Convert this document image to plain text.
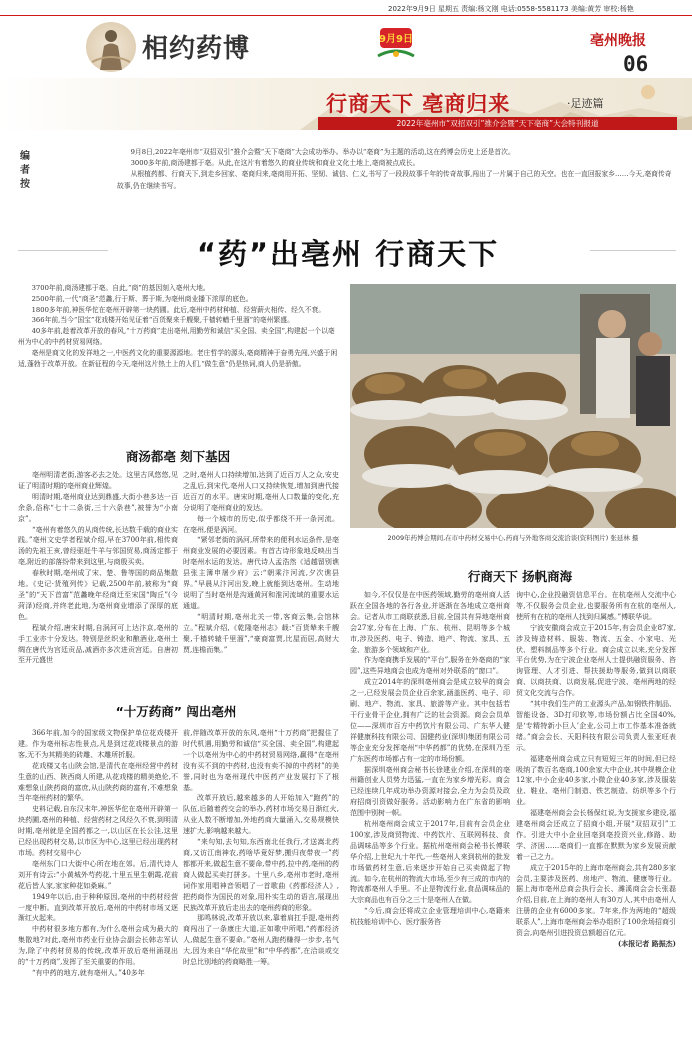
2022年9月9日 星期五 责编:杨文刚 电话:0558-5581173 美编:黄芳 审校:杨艳
相约药博	9月9日	亳州晚报
06
行商天下 亳商归来	·足迹篇
2022年亳州市“双招双引”推介会暨“天下亳商”大会特刊报道
编者按

9月8日,2022年亳州市“双招双引”推介会暨“天下亳商”大会成功举办。举办以“亳商”为主题的活动,这在药博会历史上还是首次。

3000多年前,商汤建都于亳。从此,在这片有着悠久的商业传统和商业文化土地上,亳商被点成长。

从根植药都、行商天下,到走乡回家、亳商归来,亳商用开拓、坚韧、诚信、仁义,书写了一段段故事千年的传奇故事,闯出了一片属于自己的天空。也在一直回报家乡……今天,亳商传奇故事,仍在继续书写。

“药”出亳州 行商天下

3700年前,商汤建都于亳。自此,“商”的基因刻入亳州大地。

2500年前,一代“商圣”范蠡,行于斯、葬于斯,为亳州商业播下浓厚的底色。

1800多年前,神医华佗在亳州开辟第一块药圃。此后,亳州中药材种植、经营薪火相传、经久不衰。

366年前,当今“国宝”花戏楼开始见证着“百货聚来千艘聚,千樯转輶千里溜”的亳州繁盛。

40多年前,趁着改革开放的春风,“十万药商”走出亳州,用勤劳和诚信“买全国、卖全国”,构建起一个以亳州为中心的中药材贸易网络。

亳州是商文化的发祥地之一,中医药文化的重要源源地。老庄哲学的源头,亳商精神于奋勇先闯,兴盛于闲适,蓬勃于改革开放。在新征程的今天,亳州这片热土上的人们,“做生意”仍是热词,商人仍是骄傲。

2009年药博会期间,在市中药材交易中心,药商与外地客商交流洽谈(资料图片) 张延林 摄
商汤都亳 刻下基因

亳州明清老街,游客必去之处。这里古风悠悠,见证了明清时期的亳州商业辉煌。

明清时期,亳州商业达到鼎盛,大街小巷多达一百余条,俗称“七十二条街,三十六条巷”,被誉为“小南京”。

“亳州有着悠久的从商传统,长达数千载的商业实践。”亳州文史学者程斌介绍,早在3700年前,相传商汤的先祖王亥,曾经驱赶牛羊与邻国贸易,商汤定都于亳,附近的部落纷带来到这里,与商殷买卖。

春秋时期,亳州成了宋、楚、鲁等国的商品集散地。《史记·货殖列传》记载,2500年前,被称为“商圣”的“天下首富”范蠡晚年经商迁至宋国“陶丘”(今菏泽)经商,并终老此地,为亳州商业增添了深厚的底色。

程斌介绍,唐宋时期,自涡河可上达汴京,亳州的手工业亦十分发达。特别是丝织业和酿酒业,亳州土绸在唐代为宫廷贡品,减酒亦多次进贡宫廷。自唐初至开元盛世

之时,亳州人口持续增加,达到了近百万人之众,安史之乱后,到宋代,亳州人口又持续恢复,增加到唐代接近百万的水平。唐宋时期,亳州人口数量的变化,充分说明了亳州商业的发达。

每一个城市的历史,似乎都绕不开一条河流。在亳州,便是涡河。

“紧邻老街的涡河,所带来的便利水运条件,是亳州商业发展的必要因素。有首古诗形象地反映出当时亳州水运的发达。唐代诗人孟浩然《适越留别谯县张主簿申屠少府》云:“朝乘汴河流,夕次谯县界。”早晨从汴河出发,晚上就能到达亳州。生动地说明了当时亳州是沟通黄河和淮河流域的重要水运通道。

“明清时期,亳州北关一带,客商云集,会馆林立。”程斌介绍,《乾隆亳州志》载:“百货辇来千艘聚,千樯转辕千里溜”,“豪商富贾,比屋而居,高财大贾,连檐而集。”

“十万药商” 闯出亳州

366年前,加今的国家级文物保护单位花戏楼开建。作为亳州标志性景点,凡是到过花戏楼景点的游客,无不为其精美的砖雕、木雕所折服。

花戏楼又名山陕会馆,是清代在亳州经营中药材生意的山西、陕西商人所建,从花戏楼的精美绝伦,不难想象山陕药商的富庶,从山陕药商的富有,不难想象当年亳州药材的繁华。

史料记载,自东汉末年,神医华佗在亳州开辟第一块药圃,亳州的种植、经营药材之风经久不衰,到明清时期,亳州就是全国药都之一,以山区在长公洼,这里已经出现药材交易,以市区为中心,这里已经出现药材市场。药材交易中心

亳州东门口大街中心所在地在郊。后,清代诗人刘开有诗云:“小黄城外芍药花,十里五里生朝霞,花前花后皆人家,家家种花如桑麻。”

1949年以后,由于种种原因,亳州的中药材经营一度中断。直到改革开放后,亳州的中药材市场又逐渐红火起来。

中药材很多地方都有,为什么亳州会成为最大的集散地?对此,亳州市药业行业协会副会长韩志军认为,除了中药材贸易的传统,改革开放后亳州涌现出的“十万药商”,发挥了至关重要的作用。

“有中药的地方,就有亳州人。”40多年

前,伴随改革开放的东风,亳州“十万药商”把握住了时代机遇,用勤劳和诚信“买全国、卖全国”,构建起一个以亳州为中心的中药材贸易网络,赢得“在亳州没有买不到的中药材,也没有卖不掉的中药材”的美誉,同时也为亳州现代中医药产业发展打下了根基。

改革开放后,越来越多的人开始加入“跑药”的队伍,后随着药交会的举办,药材市场交易日渐红火,从业人数不断增加,外地药商大量涌入,交易规模快速扩大,影响越来越大。

“来句知,去句知,东西南北任我行,才送嵩北药商,又访江南神农,药啥毕竟好梦,搬归夜带夜一”药都都开来,做起生意不要命,带中药,拉中药,亳州的药商人做起买卖打拼多。十里八乡,亳州市老时,亳州词作家用唱神音领唱了一首歌曲《药都经济人》,把药商作为国民的对象,用朴实生动的语言,展现出民族改革开放后走出去的亳州药商的形象。

那鸣林说,改革开放以来,靠着肩扛手提,亳州药商闯出了一条康庄大道,正如歌中所唱,“药都经济人,做起生意不要命。”亳州人跑药赚得一步步,名气大,因为来自“华佗故里”和“中华药都”,在洽谈或交时总比别地的药商略胜一筹。

行商天下 扬帆商海

如今,不仅仅是在中医药领域,勤劳的亳州商人活跃在全国各地的各行各业,并逐渐在各地成立亳州商会。记者从市工商联获悉,目前,全国共有异地亳州商会27家,分布在上海、广东、杭州、昆明等多个城市,涉及医药、电子、铸造、地产、物流、家具、五金、旅游多个领域和产业。

作为亳商携手发展的“平台”,服务在外亳商的“家园”,这些异地商会也成为亳州对外联系的“窗口”。

成立2014年的深圳亳州商会是成立较早的商会之一,已经发展会员企业百余家,涵盖医药、电子、印刷、地产、物流、家具、旅游等产业。其中包括若干行业骨干企业,拥有广泛的社会资源。商会会员单位——深圳市百方中药饮片有限公司、广东华人健祥健康科技有限公司、国健药业(深圳)集团有限公司等企业充分发挥亳州“中华药都”的优势,在深圳乃至广东医药市场都占有一定的市场份额。

据深圳亳州商会秘书长徐建业介绍,在深圳的亳州籍创业人员势力迅猛,一直在为家乡增光彩。商会已经连续几年成功举办资源对接会,全力为会员及政府招商引资做好服务。活动影响力在广东省的影响范围中别树一帜。

杭州亳州商会成立于2017年,目前有会员企业100家,涉及商贸物流、中药饮片、互联网科技、食品调味品等多个行业。据杭州亳州商会秘书长傅联华介绍,上世纪九十年代,一些亳州人来到杭州的批发市场做药材生意,后来逐步开始自己买卖做起了物流。如今,在杭州的物流大市场,至少有三成的市内的物流都亳州人手里。不止是物流行业,食品调味品的大宗商品也有百分之三十是亳州人在做。

“今后,商会还将成立企业管理培训中心,亳籍来杭技能培训中心、医疗服务咨

询中心,企业投融资信息平台。在杭亳州人交流中心等,不仅服务会员企业,也要服务所有在杭的亳州人,使所有在杭的亳州人找到归属感。”傅联华说。

宁波安徽商会成立于2015年,有会员企业87家,涉及铸造材料、服装、物流、五金、小家电、光伏、塑料制品等多个行业。商会成立以来,充分发挥平台优势,为在宁波企业亳州人士提供融资服务、咨询管理、人才引进、帮扶援助等服务,做到以商联商、以商扶商、以商发展,促进宁波、亳州两地的经贸文化交流与合作。

“其中我们生产的工业源头产品,如钢铁件制品、智能设备、3D打印软等,市场份额占比全国40%,是‘专精特新小巨人’企业,公司上市工作基本准备就绪。”商会会长、天阳科技有限公司负责人张亚旺表示。

福建亳州商会成立只有短短三年的时间,但已经吸纳了数百名亳商,100余家大中企业,其中规模企业12家,中小企业40多家,小微企业40多家,涉及服装业、鞋业、亳州门制造、铁艺制造、纺织等多个行业。

福建亳州商会会长杨保红说,为支援家乡建设,福建亳州商会还成立了招商小组,开展“双招双引”工作。引进大中小企业回亳到亳投资兴业,修路、助学、济困……亳商们一直都在默默为家乡发展贡献着一己之力。

成立于2015年的上海市亳州商会,共有280多家会员,主要涉及医药、房地产、物流、健康等行业。据上海市亳州总商会执行会长、濉溪商会会长张磊介绍,目前,在上海的亳州人有30万人,其中由亳州人注册的企业有6000多家。7年来,作为两地的“超级联系人”,上海市亳州商会举办组织了100余场招商引资会,向亳州引进投资总额超百亿元。

(本报记者 路振杰)
